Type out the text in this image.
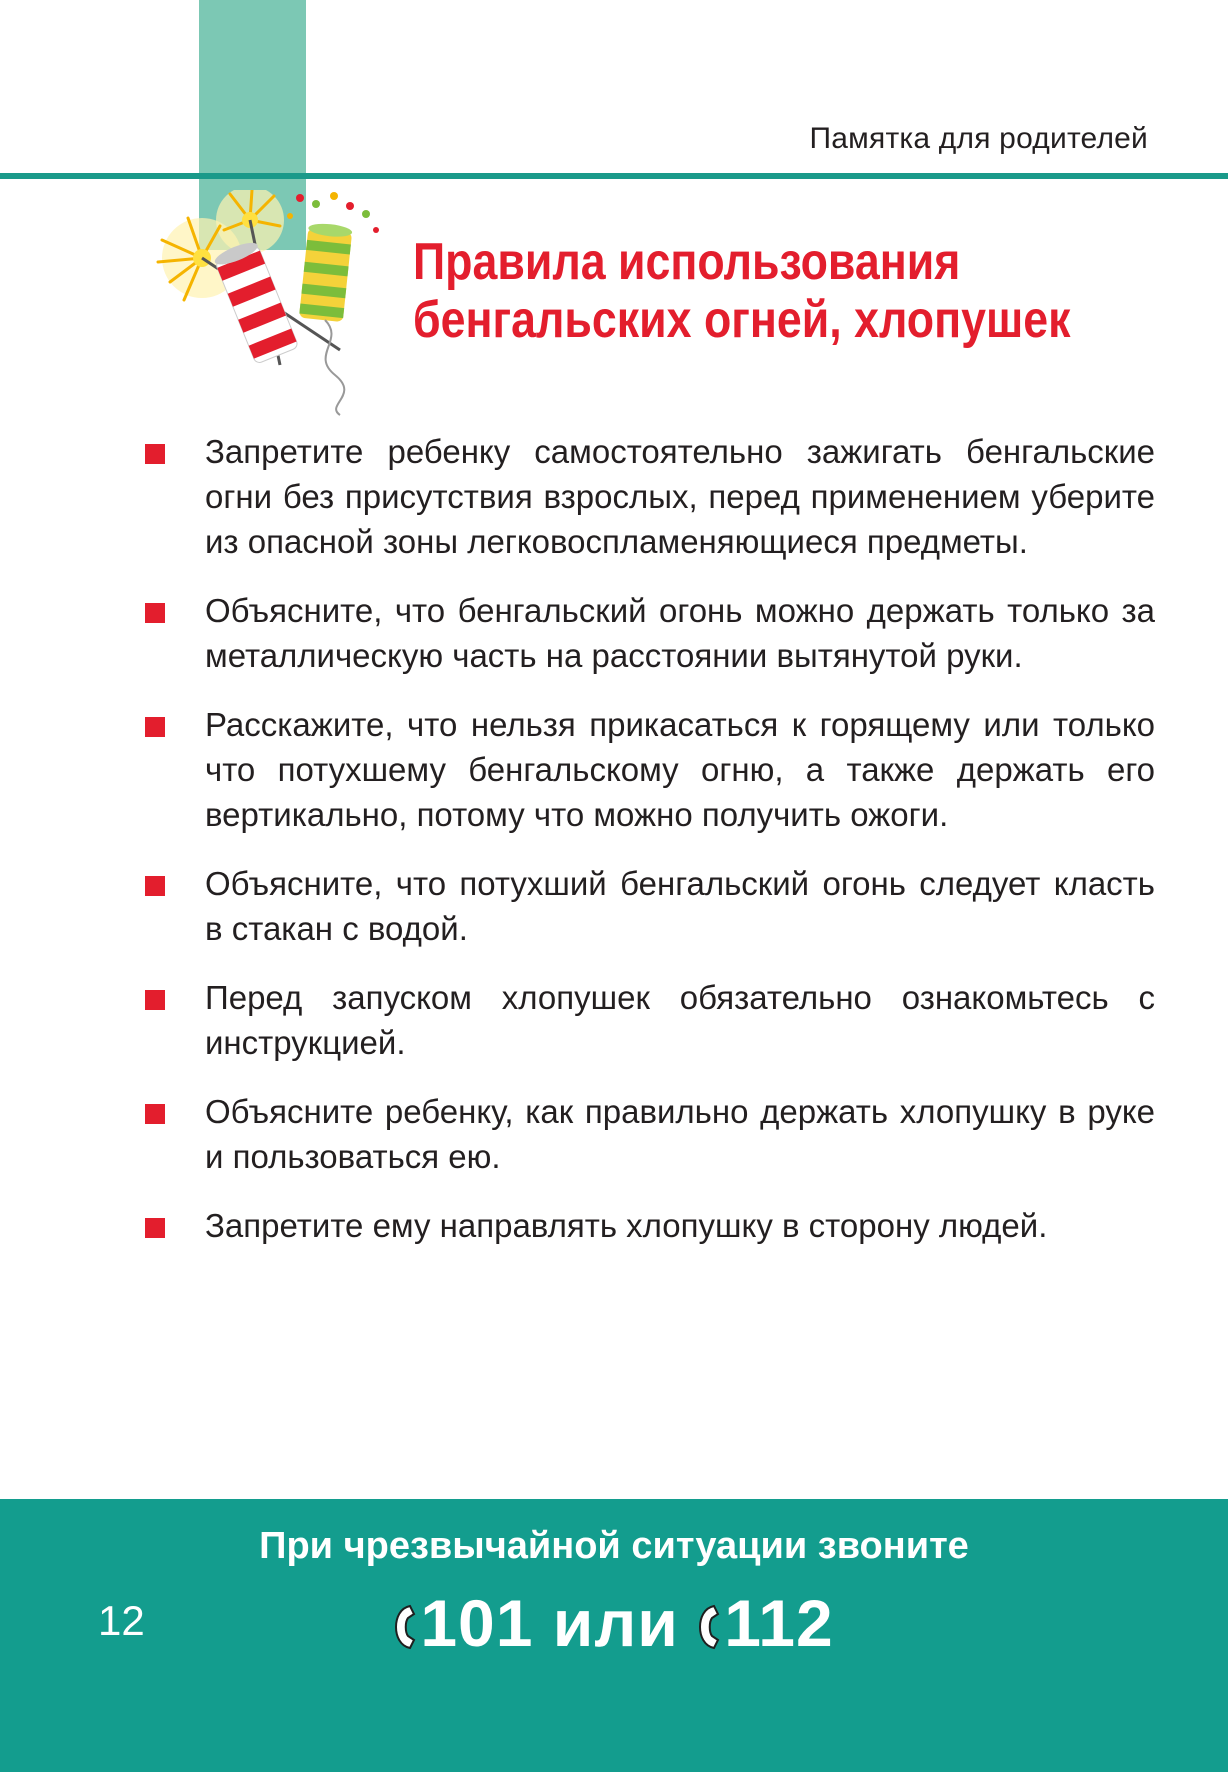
Памятка для родителей
Правила использования
бенгальских огней, хлопушек
Запретите ребенку самостоятельно зажигать бенгальские огни без присутствия взрослых, перед применением уберите из опасной зоны легковоспламеняющиеся предметы.
Объясните, что бенгальский огонь можно держать только за металлическую часть на расстоянии вытянутой руки.
Расскажите, что нельзя прикасаться к горящему или только что потухшему бенгальскому огню, а также держать его вертикально, потому что можно получить ожоги.
Объясните, что потухший бенгальский огонь следует класть в стакан с водой.
Перед запуском хлопушек обязательно ознакомьтесь с инструкцией.
Объясните ребенку, как правильно держать хлопушку в руке и пользоваться ею.
Запретите ему направлять хлопушку в сторону людей.
При чрезвычайной ситуации звоните
101 или 112
12
